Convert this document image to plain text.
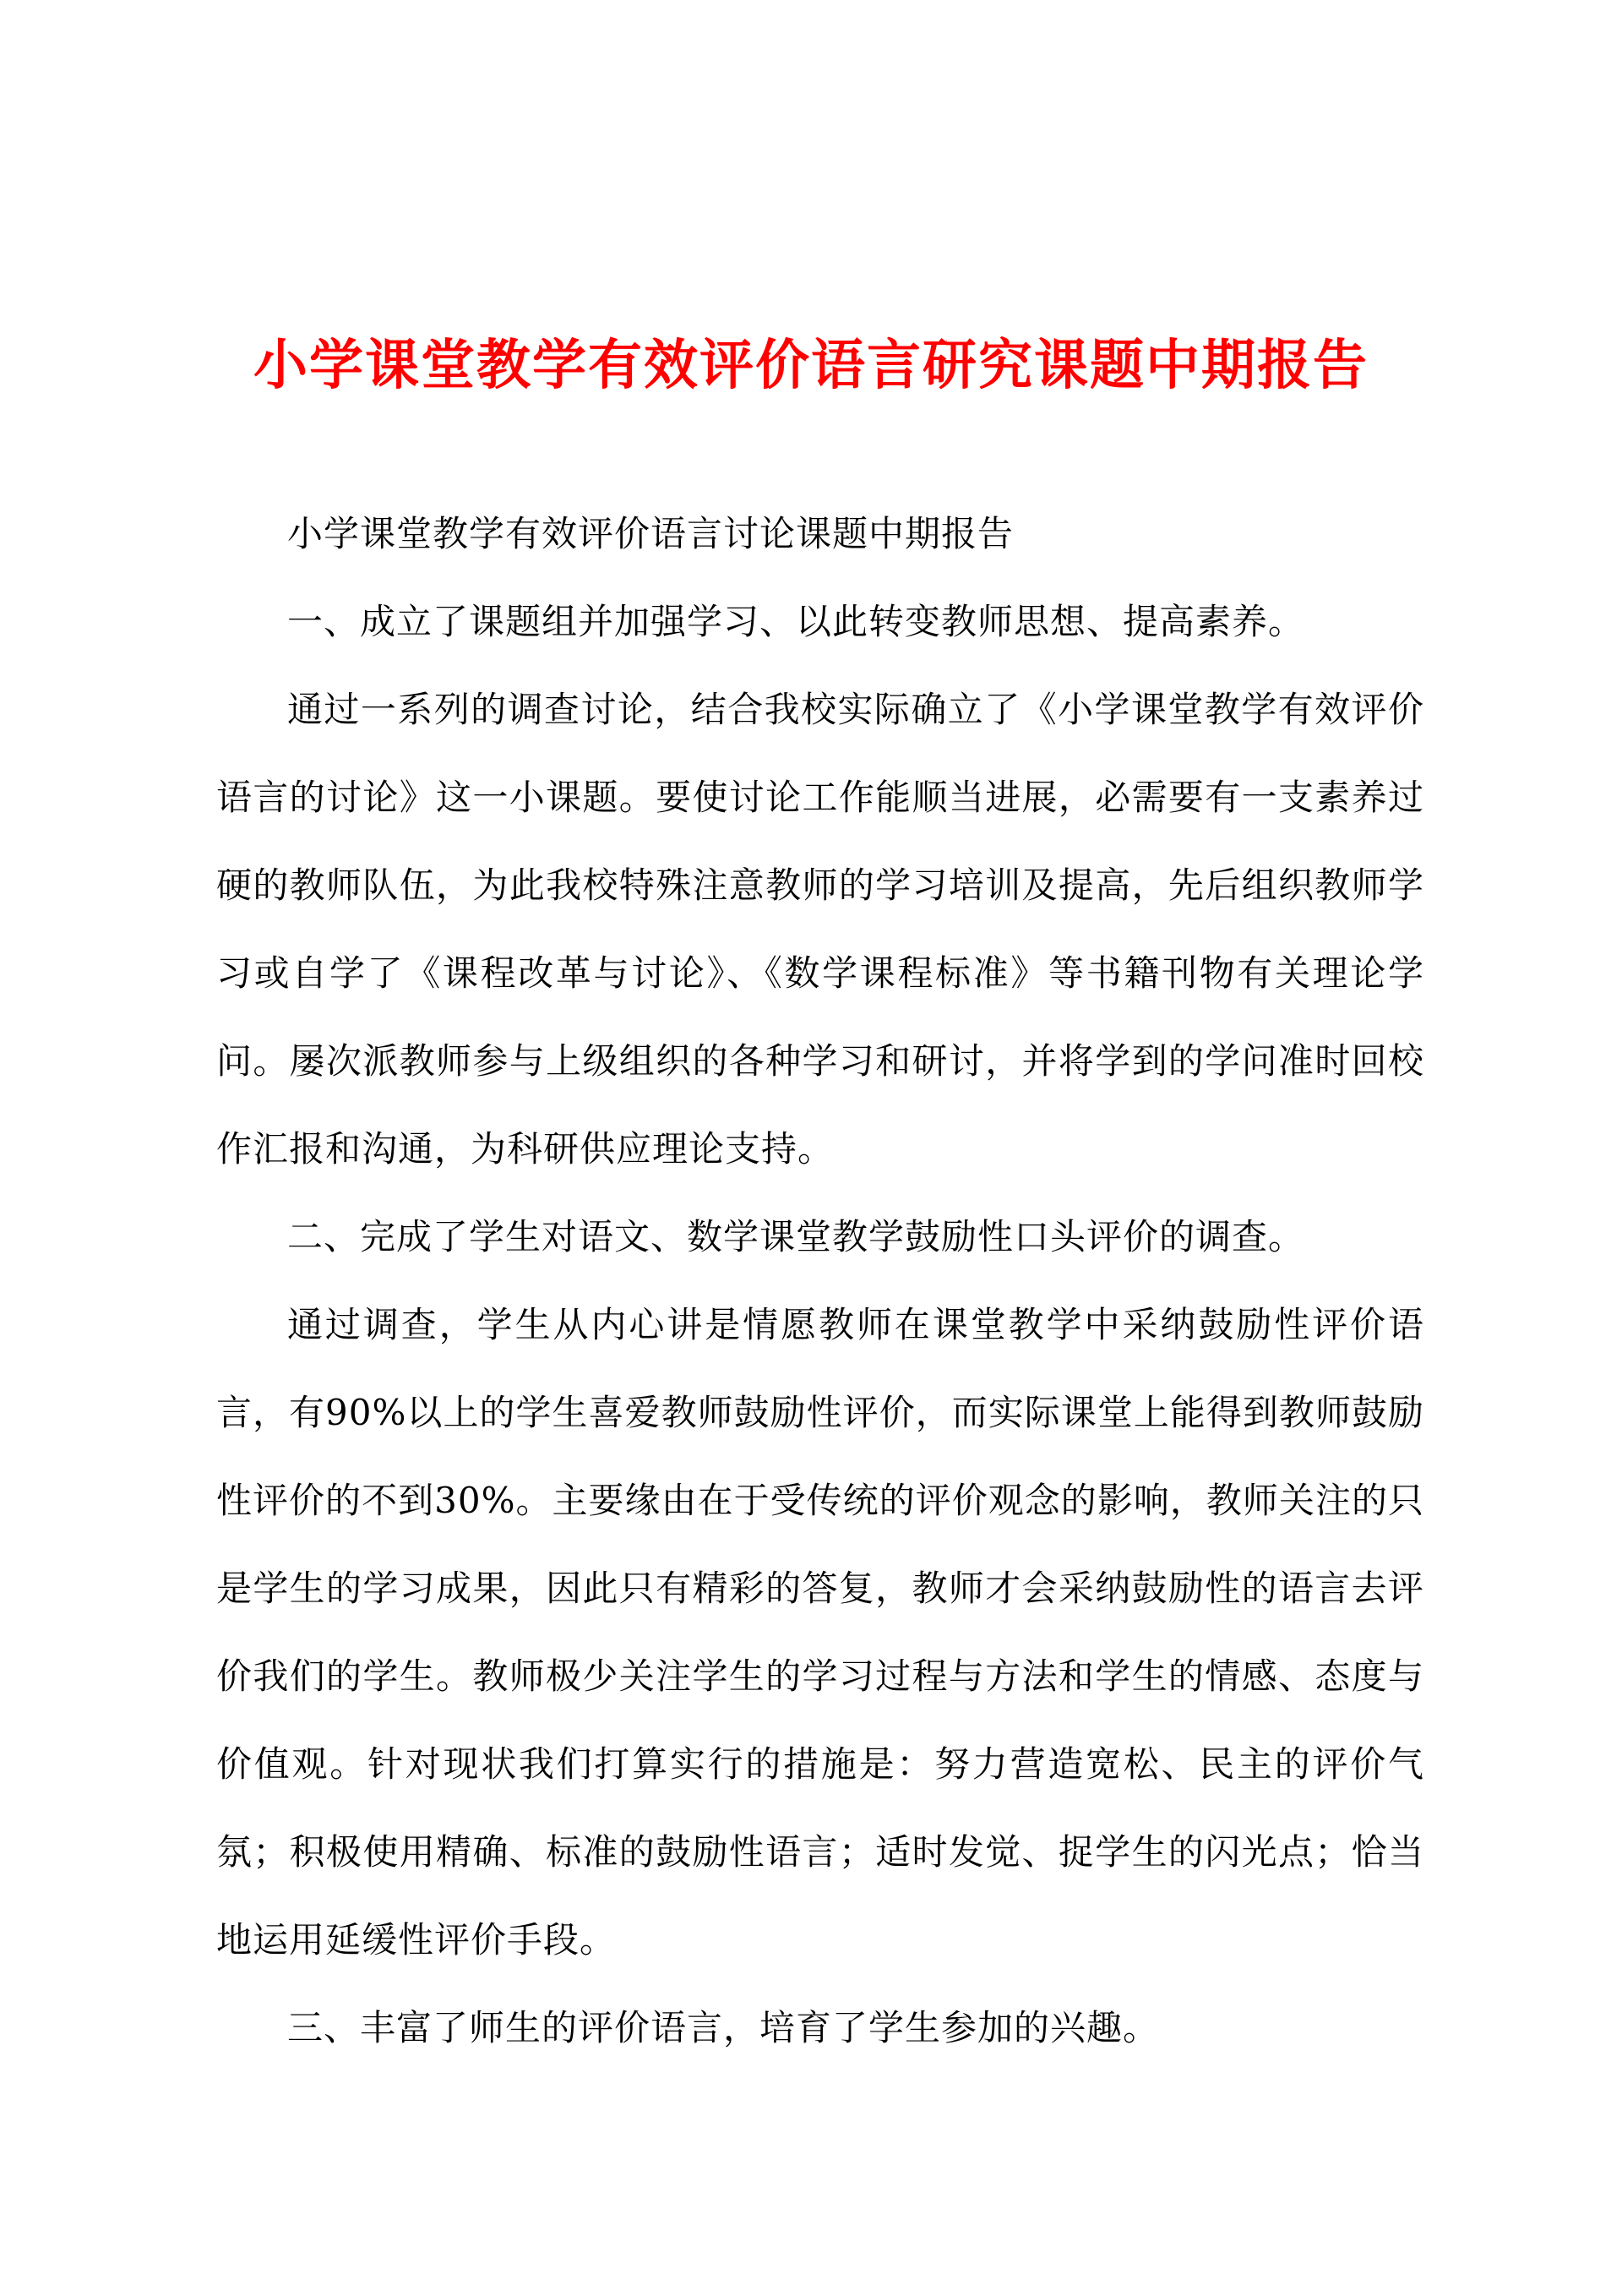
小学课堂教学有效评价语言研究课题中期报告

小学课堂教学有效评价语言讨论课题中期报告

一、成立了课题组并加强学习、以此转变教师思想、提高素养。

通过一系列的调查讨论，结合我校实际确立了《小学课堂教学有效评价语言的讨论》这一小课题。要使讨论工作能顺当进展，必需要有一支素养过硬的教师队伍，为此我校特殊注意教师的学习培训及提高，先后组织教师学习或自学了《课程改革与讨论》、《数学课程标准》等书籍刊物有关理论学问。屡次派教师参与上级组织的各种学习和研讨，并将学到的学问准时回校作汇报和沟通，为科研供应理论支持。

二、完成了学生对语文、数学课堂教学鼓励性口头评价的调查。

通过调查，学生从内心讲是情愿教师在课堂教学中采纳鼓励性评价语言，有90%以上的学生喜爱教师鼓励性评价，而实际课堂上能得到教师鼓励性评价的不到30%。主要缘由在于受传统的评价观念的影响，教师关注的只是学生的学习成果，因此只有精彩的答复，教师才会采纳鼓励性的语言去评价我们的学生。教师极少关注学生的学习过程与方法和学生的情感、态度与价值观。针对现状我们打算实行的措施是：努力营造宽松、民主的评价气氛；积极使用精确、标准的鼓励性语言；适时发觉、捉学生的闪光点；恰当地运用延缓性评价手段。

三、丰富了师生的评价语言，培育了学生参加的兴趣。
